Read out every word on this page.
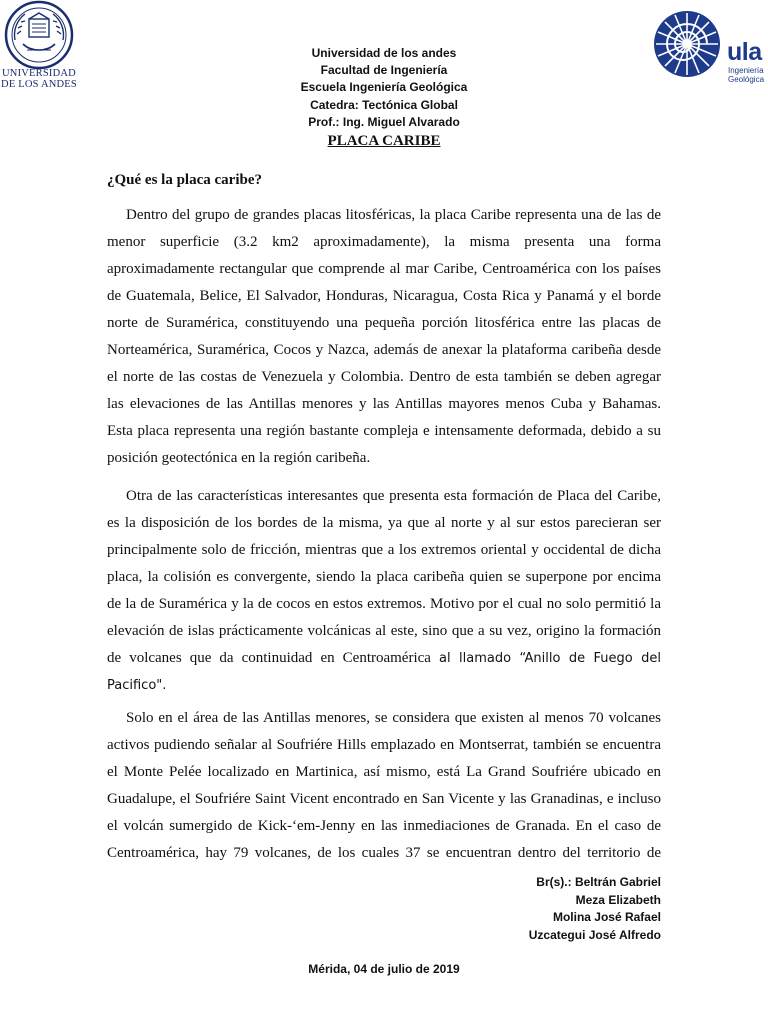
UNIVERSIDAD
DE LOS ANDES
ula
Ingeniería
Geológica
Universidad de los andes
Facultad de Ingeniería
Escuela Ingeniería Geológica
Catedra: Tectónica Global
Prof.: Ing. Miguel Alvarado
PLACA CARIBE
¿Qué es la placa caribe?
Dentro del grupo de grandes placas litosféricas, la placa Caribe representa una de las de
menor superficie (3.2 km2 aproximadamente), la misma presenta una forma
aproximadamente rectangular que comprende al mar Caribe, Centroamérica con los países
de Guatemala, Belice, El Salvador, Honduras, Nicaragua, Costa Rica y Panamá y el borde
norte de Suramérica, constituyendo una pequeña porción litosférica entre las placas de
Norteamérica, Suramérica, Cocos y Nazca, además de anexar la plataforma caribeña desde
el norte de las costas de Venezuela y Colombia. Dentro de esta también se deben agregar
las elevaciones de las Antillas menores y las Antillas mayores menos Cuba y Bahamas.
Esta placa representa una región bastante compleja e intensamente deformada, debido a su
posición geotectónica en la región caribeña.
Otra de las características interesantes que presenta esta formación de Placa del Caribe,
es la disposición de los bordes de la misma, ya que al norte y al sur estos parecieran ser
principalmente solo de fricción, mientras que a los extremos oriental y occidental de dicha
placa, la colisión es convergente, siendo la placa caribeña quien se superpone por encima
de la de Suramérica y la de cocos en estos extremos. Motivo por el cual no solo permitió la
elevación de islas prácticamente volcánicas al este, sino que a su vez, origino la formación
de volcanes que da continuidad en Centroamérica al llamado “Anillo de Fuego del
Pacifico".
Solo en el área de las Antillas menores, se considera que existen al menos 70 volcanes
activos pudiendo señalar al Soufriére Hills emplazado en Montserrat, también se encuentra
el Monte Pelée localizado en Martinica, así mismo, está La Grand Soufriére ubicado en
Guadalupe, el Soufriére Saint Vicent encontrado en San Vicente y las Granadinas, e incluso
el volcán sumergido de Kick-‘em-Jenny en las inmediaciones de Granada. En el caso de
Centroamérica, hay 79 volcanes, de los cuales 37 se encuentran dentro del territorio de
Br(s).: Beltrán Gabriel
Meza Elizabeth
Molina José Rafael
Uzcategui José Alfredo
Mérida, 04 de julio de 2019
